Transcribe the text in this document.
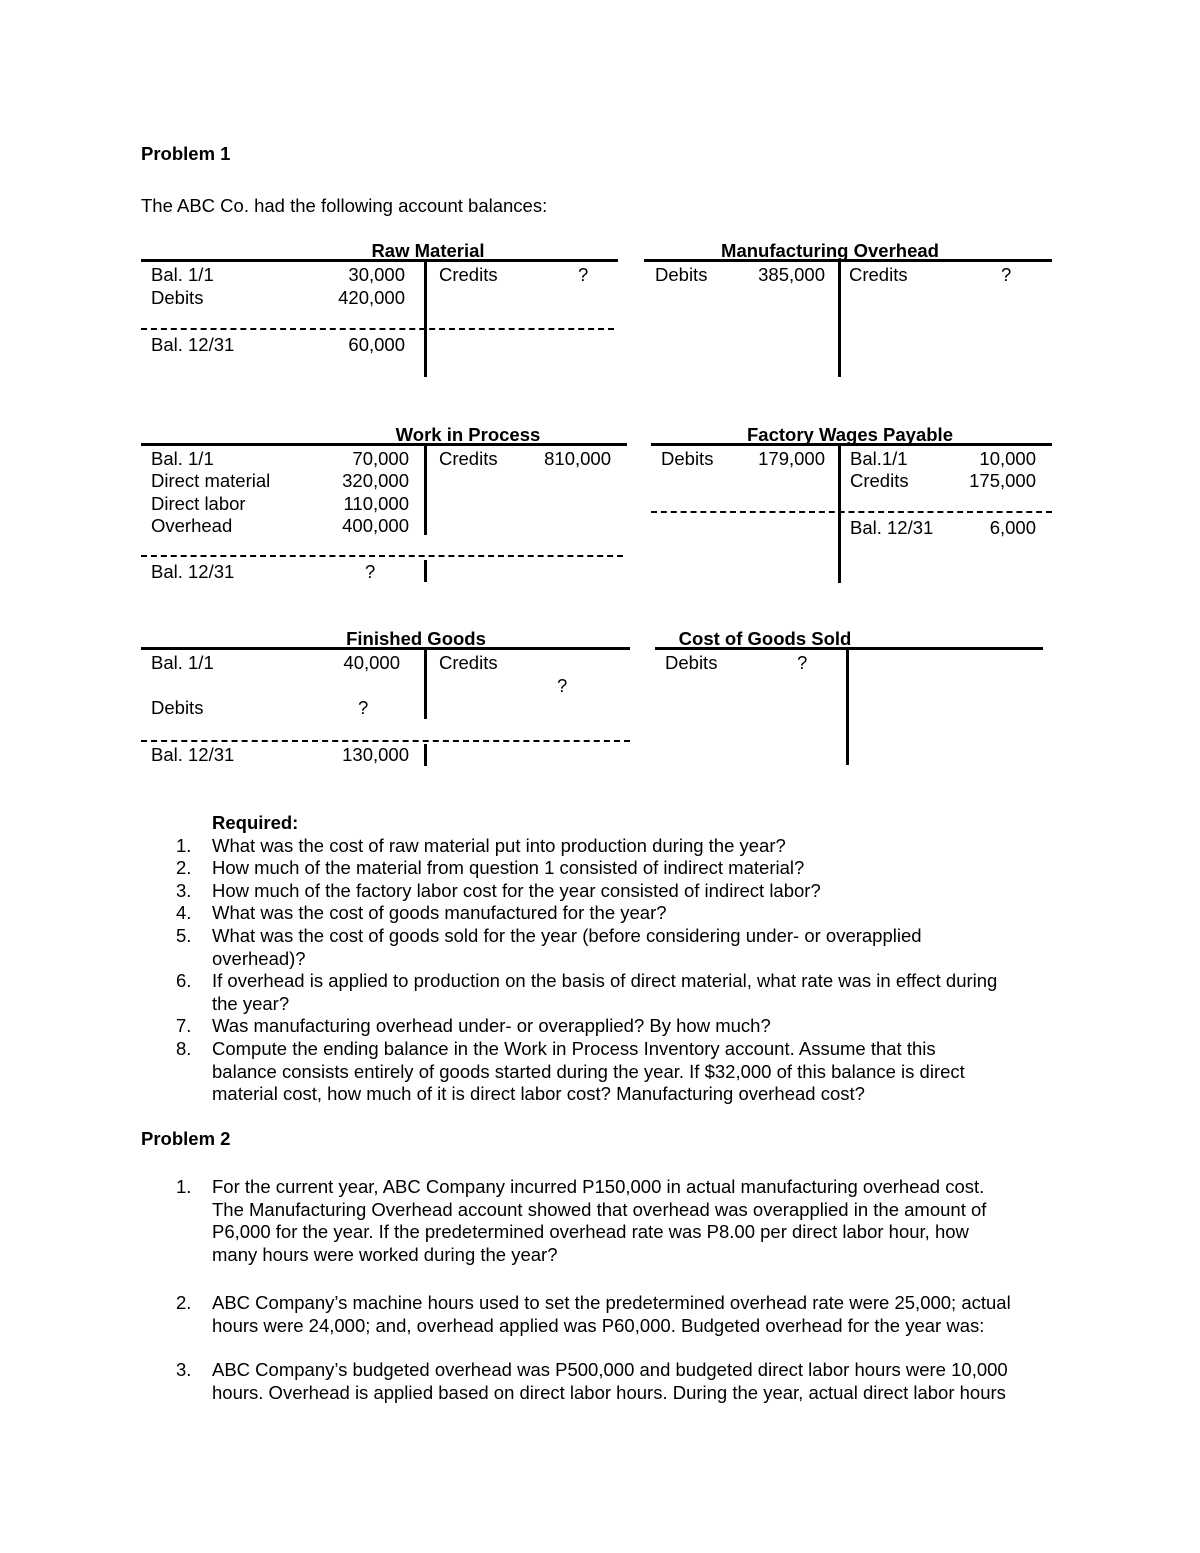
Problem 1
The ABC Co. had the following account balances:
Raw Material
Bal. 1/1	30,000 Credits	?
Debits	420,000
Bal. 12/31	60,000
Manufacturing Overhead
Debits	385,000 Credits	?
Work in Process
Bal. 1/1	70,000 Credits	810,000
Direct material	320,000
Direct labor	110,000
Overhead	400,000
Bal. 12/31	?
Factory Wages Payable
Debits	179,000 Bal.1/1	10,000
Credits	175,000
Bal. 12/31	6,000
Finished Goods
Bal. 1/1	40,000 Credits
?
Debits	?
Bal. 12/31	130,000
Cost of Goods Sold
Debits	?
Required:
1. What was the cost of raw material put into production during the year?
2. How much of the material from question 1 consisted of indirect material?
3. How much of the factory labor cost for the year consisted of indirect labor?
4. What was the cost of goods manufactured for the year?
5. What was the cost of goods sold for the year (before considering under- or overapplied
overhead)?
6. If overhead is applied to production on the basis of direct material, what rate was in effect during
the year?
7. Was manufacturing overhead under- or overapplied? By how much?
8. Compute the ending balance in the Work in Process Inventory account. Assume that this
balance consists entirely of goods started during the year. If $32,000 of this balance is direct
material cost, how much of it is direct labor cost? Manufacturing overhead cost?
Problem 2
1. For the current year, ABC Company incurred P150,000 in actual manufacturing overhead cost.
The Manufacturing Overhead account showed that overhead was overapplied in the amount of
P6,000 for the year. If the predetermined overhead rate was P8.00 per direct labor hour, how
many hours were worked during the year?
2. ABC Company’s machine hours used to set the predetermined overhead rate were 25,000; actual
hours were 24,000; and, overhead applied was P60,000. Budgeted overhead for the year was:
3. ABC Company’s budgeted overhead was P500,000 and budgeted direct labor hours were 10,000
hours. Overhead is applied based on direct labor hours. During the year, actual direct labor hours
